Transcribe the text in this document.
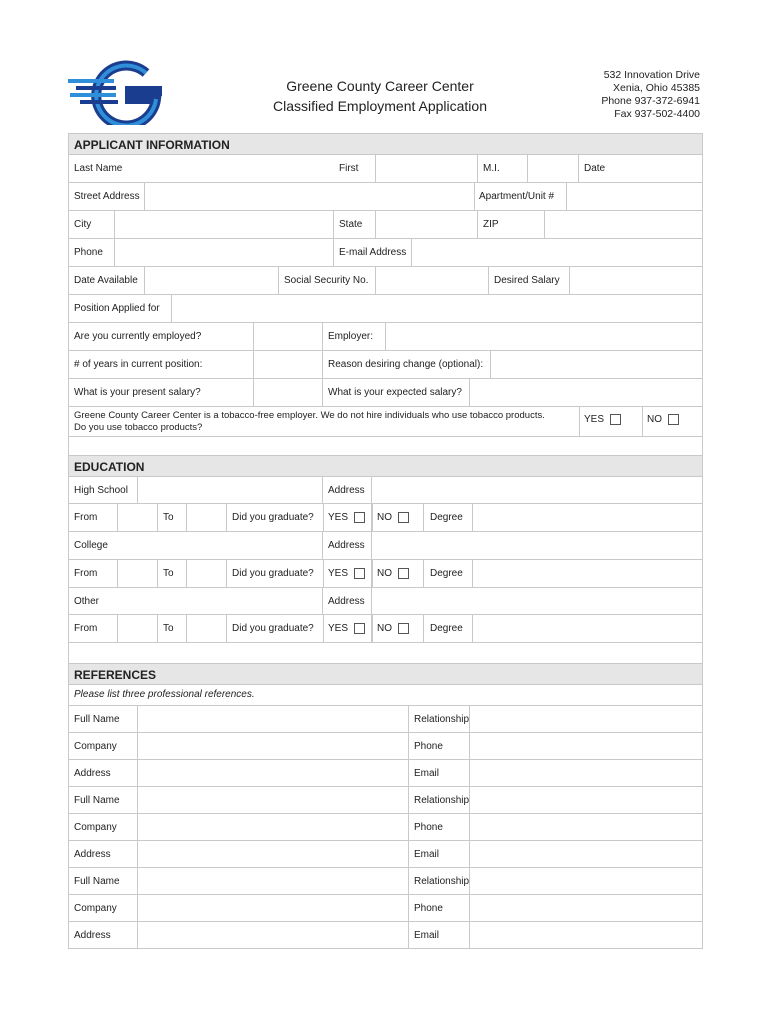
Greene County Career Center
Classified Employment Application
532 Innovation Drive
Xenia, Ohio 45385
Phone 937-372-6941
Fax 937-502-4400
APPLICANT INFORMATION
Last Name	First	M.I.	Date
Street Address	Apartment/Unit #
City	State	ZIP
Phone	E-mail Address
Date Available	Social Security No.	Desired Salary
Position Applied for
Are you currently employed?	Employer:
# of years in current position:	Reason desiring change (optional):
What is your present salary?	What is your expected salary?
Greene County Career Center is a tobacco-free employer. We do not hire individuals who use tobacco products.
Do you use tobacco products?
YES	NO
EDUCATION
High School	Address
From	To	Did you graduate? YES	NO	Degree
College	Address
From	To	Did you graduate? YES	NO	Degree
Other	Address
From	To	Did you graduate? YES	NO	Degree
REFERENCES
Please list three professional references.
Full Name	Relationship
Company	Phone
Address	Email
Full Name	Relationship
Company	Phone
Address	Email
Full Name	Relationship
Company	Phone
Address	Email
